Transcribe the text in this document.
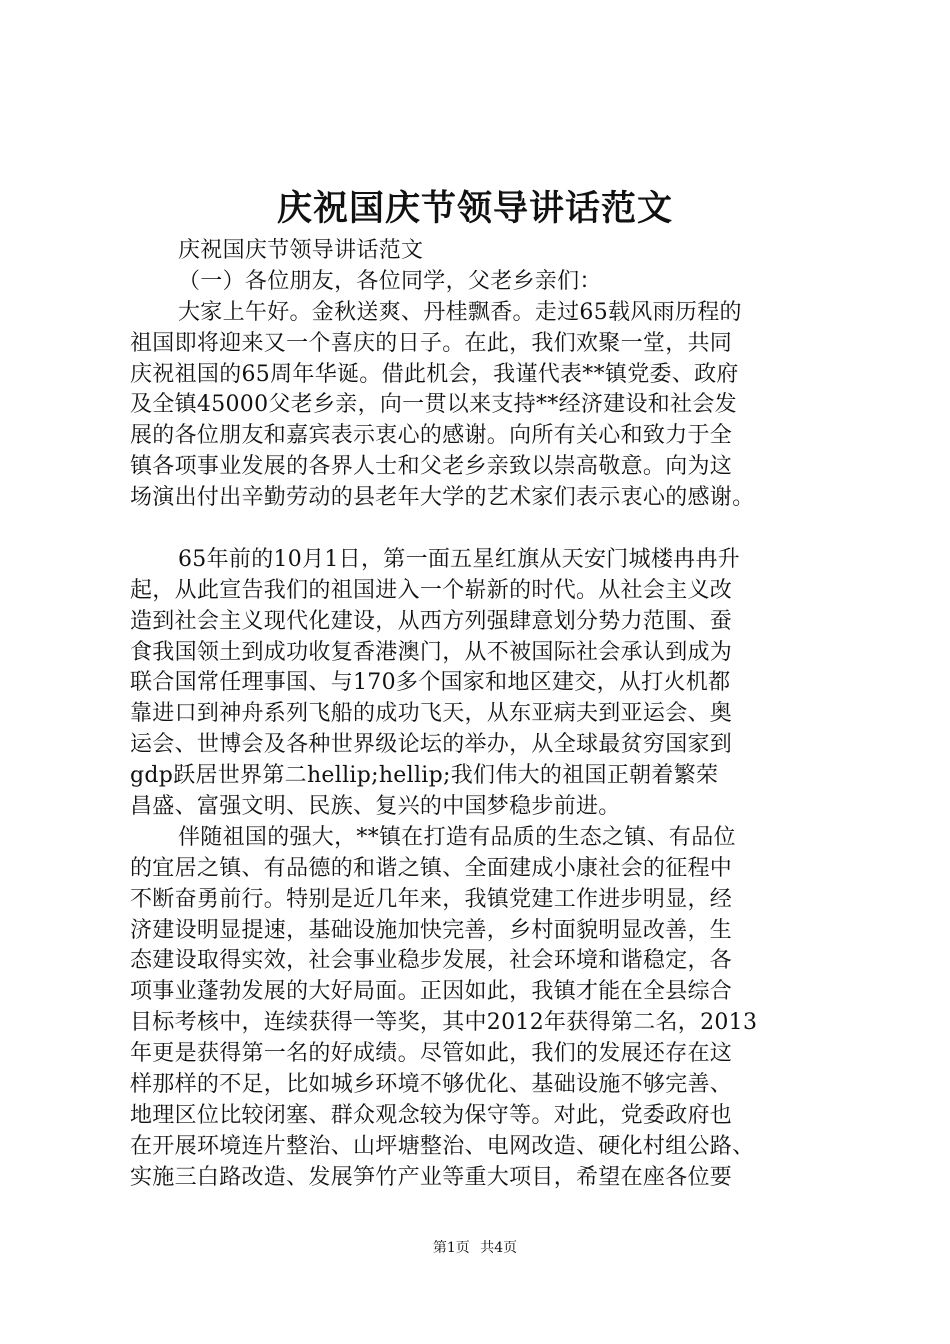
庆祝国庆节领导讲话范文
庆祝国庆节领导讲话范文
（一）各位朋友，各位同学，父老乡亲们：
大家上午好。金秋送爽、丹桂飘香。走过65载风雨历程的
祖国即将迎来又一个喜庆的日子。在此，我们欢聚一堂，共同
庆祝祖国的65周年华诞。借此机会，我谨代表**镇党委、政府
及全镇45000父老乡亲，向一贯以来支持**经济建设和社会发
展的各位朋友和嘉宾表示衷心的感谢。向所有关心和致力于全
镇各项事业发展的各界人士和父老乡亲致以崇高敬意。向为这
场演出付出辛勤劳动的县老年大学的艺术家们表示衷心的感谢。
65年前的10月1日，第一面五星红旗从天安门城楼冉冉升
起，从此宣告我们的祖国进入一个崭新的时代。从社会主义改
造到社会主义现代化建设，从西方列强肆意划分势力范围、蚕
食我国领土到成功收复香港澳门，从不被国际社会承认到成为
联合国常任理事国、与170多个国家和地区建交，从打火机都
靠进口到神舟系列飞船的成功飞天，从东亚病夫到亚运会、奥
运会、世博会及各种世界级论坛的举办，从全球最贫穷国家到
gdp跃居世界第二hellip;hellip;我们伟大的祖国正朝着繁荣
昌盛、富强文明、民族、复兴的中国梦稳步前进。
伴随祖国的强大，**镇在打造有品质的生态之镇、有品位
的宜居之镇、有品德的和谐之镇、全面建成小康社会的征程中
不断奋勇前行。特别是近几年来，我镇党建工作进步明显，经
济建设明显提速，基础设施加快完善，乡村面貌明显改善，生
态建设取得实效，社会事业稳步发展，社会环境和谐稳定，各
项事业蓬勃发展的大好局面。正因如此，我镇才能在全县综合
目标考核中，连续获得一等奖，其中2012年获得第二名，2013
年更是获得第一名的好成绩。尽管如此，我们的发展还存在这
样那样的不足，比如城乡环境不够优化、基础设施不够完善、
地理区位比较闭塞、群众观念较为保守等。对此，党委政府也
在开展环境连片整治、山坪塘整治、电网改造、硬化村组公路、
实施三白路改造、发展笋竹产业等重大项目，希望在座各位要
第1页 共4页
